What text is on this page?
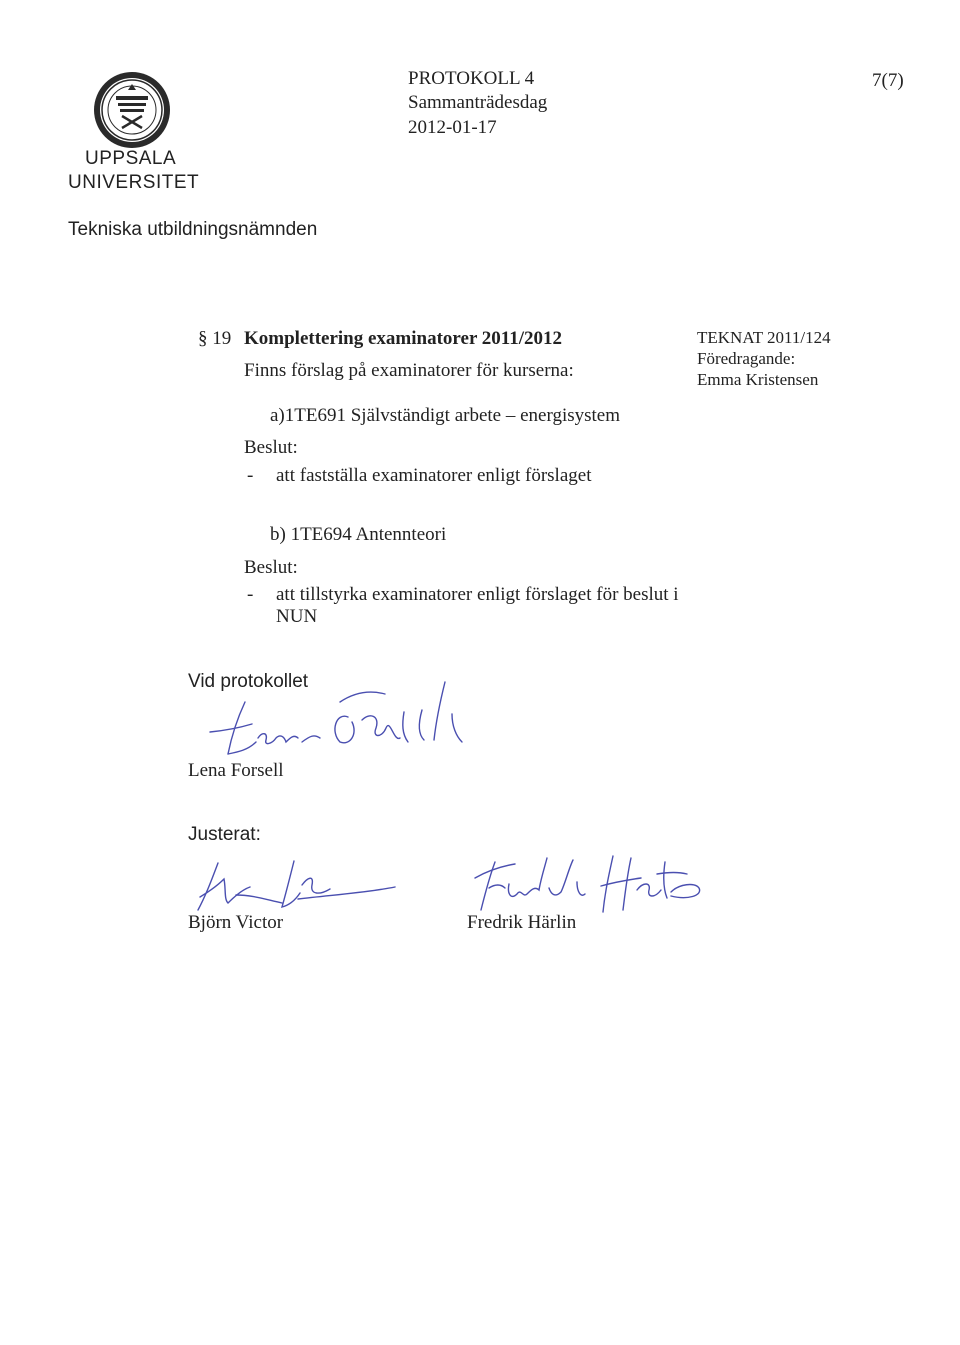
UPPSALA
UNIVERSITET
Tekniska utbildningsnämnden
PROTOKOLL 4
Sammanträdesdag
2012-01-17
7(7)
§ 19 Komplettering examinatorer 2011/2012
Finns förslag på examinatorer för kurserna:
TEKNAT 2011/124
Föredragande:
Emma Kristensen
a)1TE691 Självständigt arbete – energisystem
Beslut:
- att fastställa examinatorer enligt förslaget
b) 1TE694 Antennteori
Beslut:
- att tillstyrka examinatorer enligt förslaget för beslut i
NUN
Vid protokollet
Lena Forsell
Justerat:
Björn Victor	Fredrik Härlin
